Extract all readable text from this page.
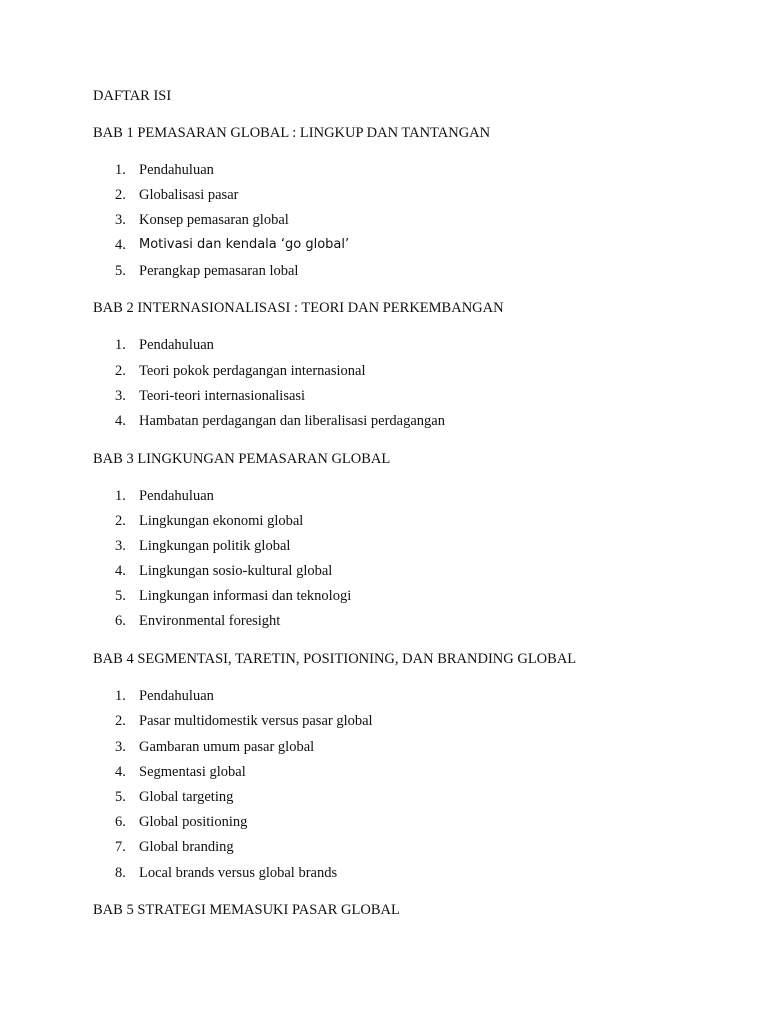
DAFTAR ISI
BAB 1 PEMASARAN GLOBAL : LINGKUP DAN TANTANGAN
1. Pendahuluan
2. Globalisasi pasar
3. Konsep pemasaran global
4.	Motivasi dan kendala ‘go global’
5. Perangkap pemasaran lobal
BAB 2 INTERNASIONALISASI : TEORI DAN PERKEMBANGAN
1. Pendahuluan
2. Teori pokok perdagangan internasional
3. Teori-teori internasionalisasi
4. Hambatan perdagangan dan liberalisasi perdagangan
BAB 3 LINGKUNGAN PEMASARAN GLOBAL
1. Pendahuluan
2. Lingkungan ekonomi global
3. Lingkungan politik global
4. Lingkungan sosio-kultural global
5. Lingkungan informasi dan teknologi
6. Environmental foresight
BAB 4 SEGMENTASI, TARETIN, POSITIONING, DAN BRANDING GLOBAL
1. Pendahuluan
2. Pasar multidomestik versus pasar global
3. Gambaran umum pasar global
4. Segmentasi global
5. Global targeting
6. Global positioning
7. Global branding
8. Local brands versus global brands
BAB 5 STRATEGI MEMASUKI PASAR GLOBAL
